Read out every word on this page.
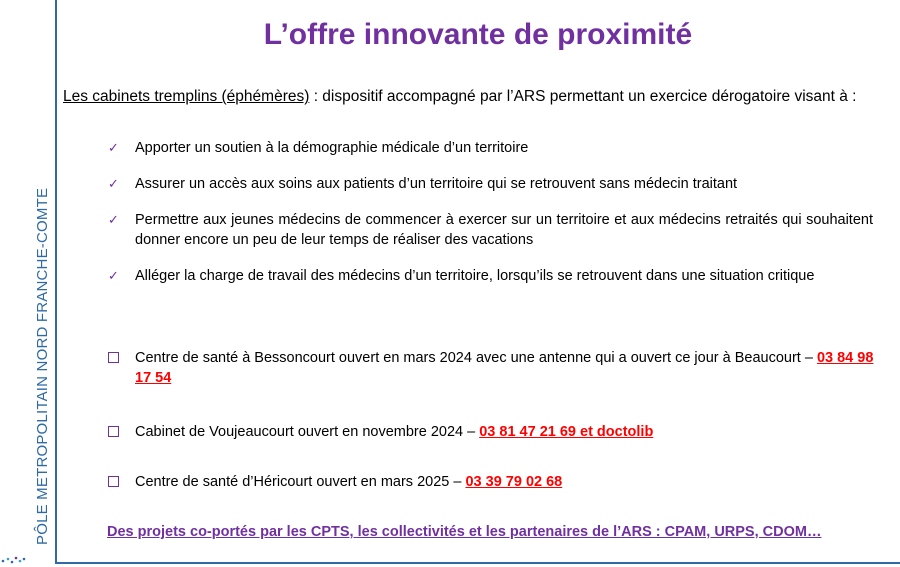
PÔLE METROPOLITAIN NORD FRANCHE-COMTE
L’offre innovante de proximité
Les cabinets tremplins (éphémères) : dispositif accompagné par l’ARS permettant un exercice dérogatoire visant à :
✓ Apporter un soutien à la démographie médicale d’un territoire
✓ Assurer un accès aux soins aux patients d’un territoire qui se retrouvent sans médecin traitant
✓ Permettre aux jeunes médecins de commencer à exercer sur un territoire et aux médecins retraités qui souhaitent donner encore un peu de leur temps de réaliser des vacations
✓ Alléger la charge de travail des médecins d’un territoire, lorsqu’ils se retrouvent dans une situation critique
Centre de santé à Bessoncourt ouvert en mars 2024 avec une antenne qui a ouvert ce jour à Beaucourt – 03 84 98 17 54
Cabinet de Voujeaucourt ouvert en novembre 2024 – 03 81 47 21 69 et doctolib
Centre de santé d’Héricourt ouvert en mars 2025 – 03 39 79 02 68
Des projets co-portés par les CPTS, les collectivités et les partenaires de l’ARS : CPAM, URPS, CDOM…
